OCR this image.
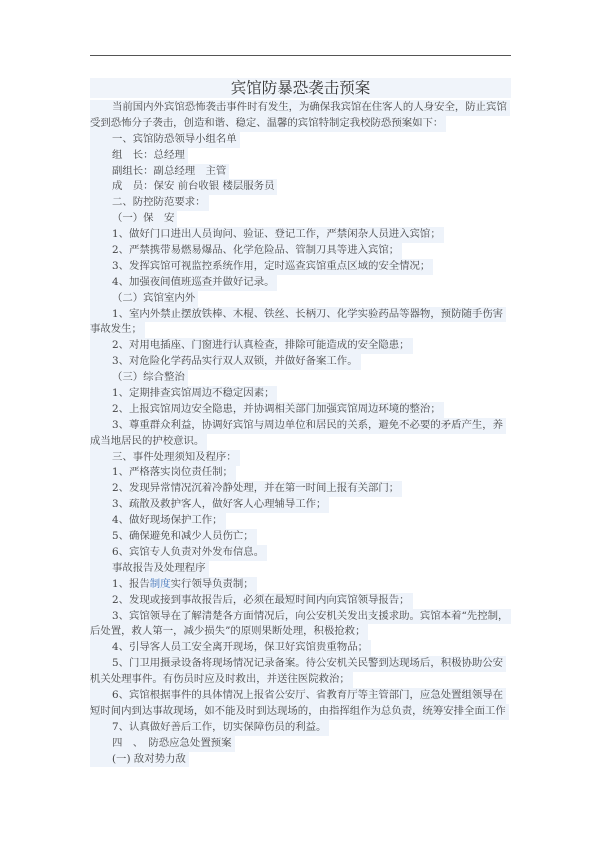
宾馆防暴恐袭击预案
当前国内外宾馆恐怖袭击事件时有发生，为确保我宾馆在住客人的人身安全，防止宾馆
受到恐怖分子袭击，创造和谐、稳定、温馨的宾馆特制定我校防恐预案如下：
一、宾馆防恐领导小组名单
组　长：总经理
副组长：副总经理　主管
成　员：保安 前台收银 楼层服务员
二、防控防范要求：
（一）保　安
1、做好门口进出人员询问、验证、登记工作，严禁闲杂人员进入宾馆；
2、严禁携带易燃易爆品、化学危险品、管制刀具等进入宾馆；
3、发挥宾馆可视监控系统作用，定时巡查宾馆重点区域的安全情况；
4、加强夜间值班巡查并做好记录。
（二）宾馆室内外
1、室内外禁止摆放铁棒、木棍、铁丝、长柄刀、化学实验药品等器物，预防随手伤害
事故发生；
2、对用电插座、门窗进行认真检查，排除可能造成的安全隐患；
3、对危险化学药品实行双人双锁，并做好备案工作。
（三）综合整治
1、定期排查宾馆周边不稳定因素；
2、上报宾馆周边安全隐患，并协调相关部门加强宾馆周边环境的整治；
3、尊重群众利益，协调好宾馆与周边单位和居民的关系，避免不必要的矛盾产生，养
成当地居民的护校意识。
三、事件处理须知及程序：
1、严格落实岗位责任制；
2、发现异常情况沉着冷静处理，并在第一时间上报有关部门；
3、疏散及救护客人，做好客人心理辅导工作；
4、做好现场保护工作；
5、确保避免和减少人员伤亡；
6、宾馆专人负责对外发布信息。
事故报告及处理程序
1、报告制度实行领导负责制；
2、发现或接到事故报告后，必须在最短时间内向宾馆领导报告；
3、宾馆领导在了解清楚各方面情况后，向公安机关发出支援求助。宾馆本着“先控制，
后处置，救人第一，减少损失”的原则果断处理，积极抢救；
4、引导客人员工安全离开现场，保卫好宾馆贵重物品；
5、门卫用摄录设备将现场情况记录备案。待公安机关民警到达现场后，积极协助公安
机关处理事件。有伤员时应及时救出，并送往医院救治；
6、宾馆根据事件的具体情况上报省公安厅、省教育厅等主管部门，应急处置组领导在
短时间内到达事故现场，如不能及时到达现场的，由指挥组作为总负责，统筹安排全面工作
7、认真做好善后工作，切实保障伤员的利益。
四　、　防恐应急处置预案
(一) 敌对势力敌
